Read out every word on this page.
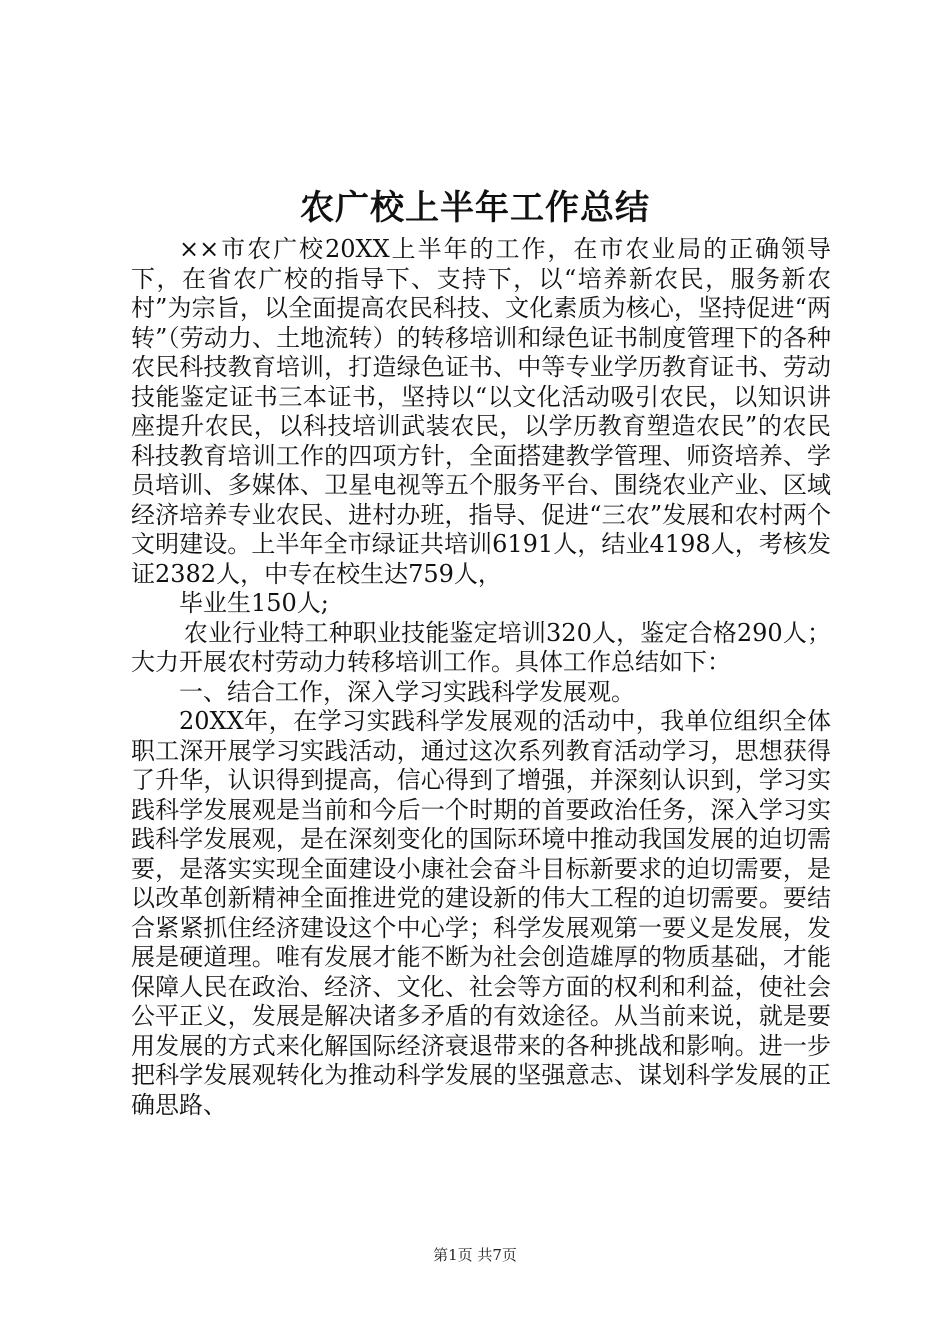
农广校上半年工作总结

××市农广校20XX上半年的工作，在市农业局的正确领导下，在省农广校的指导下、支持下，以“培养新农民，服务新农村”为宗旨，以全面提高农民科技、文化素质为核心，坚持促进“两转”（劳动力、土地流转）的转移培训和绿色证书制度管理下的各种农民科技教育培训，打造绿色证书、中等专业学历教育证书、劳动技能鉴定证书三本证书，坚持以“以文化活动吸引农民，以知识讲座提升农民，以科技培训武装农民，以学历教育塑造农民”的农民科技教育培训工作的四项方针，全面搭建教学管理、师资培养、学员培训、多媒体、卫星电视等五个服务平台、围绕农业产业、区域经济培养专业农民、进村办班，指导、促进“三农”发展和农村两个文明建设。上半年全市绿证共培训6191人，结业4198人，考核发证2382人，中专在校生达759人，

毕业生150人;

农业行业特工种职业技能鉴定培训320人，鉴定合格290人；大力开展农村劳动力转移培训工作。具体工作总结如下：

一、结合工作，深入学习实践科学发展观。

20XX年，在学习实践科学发展观的活动中，我单位组织全体职工深开展学习实践活动，通过这次系列教育活动学习，思想获得了升华，认识得到提高，信心得到了增强，并深刻认识到，学习实践科学发展观是当前和今后一个时期的首要政治任务，深入学习实践科学发展观，是在深刻变化的国际环境中推动我国发展的迫切需要，是落实实现全面建设小康社会奋斗目标新要求的迫切需要，是以改革创新精神全面推进党的建设新的伟大工程的迫切需要。要结合紧紧抓住经济建设这个中心学；科学发展观第一要义是发展，发展是硬道理。唯有发展才能不断为社会创造雄厚的物质基础，才能保障人民在政治、经济、文化、社会等方面的权利和利益，使社会公平正义，发展是解决诸多矛盾的有效途径。从当前来说，就是要用发展的方式来化解国际经济衰退带来的各种挑战和影响。进一步把科学发展观转化为推动科学发展的坚强意志、谋划科学发展的正确思路、

第1页 共7页
